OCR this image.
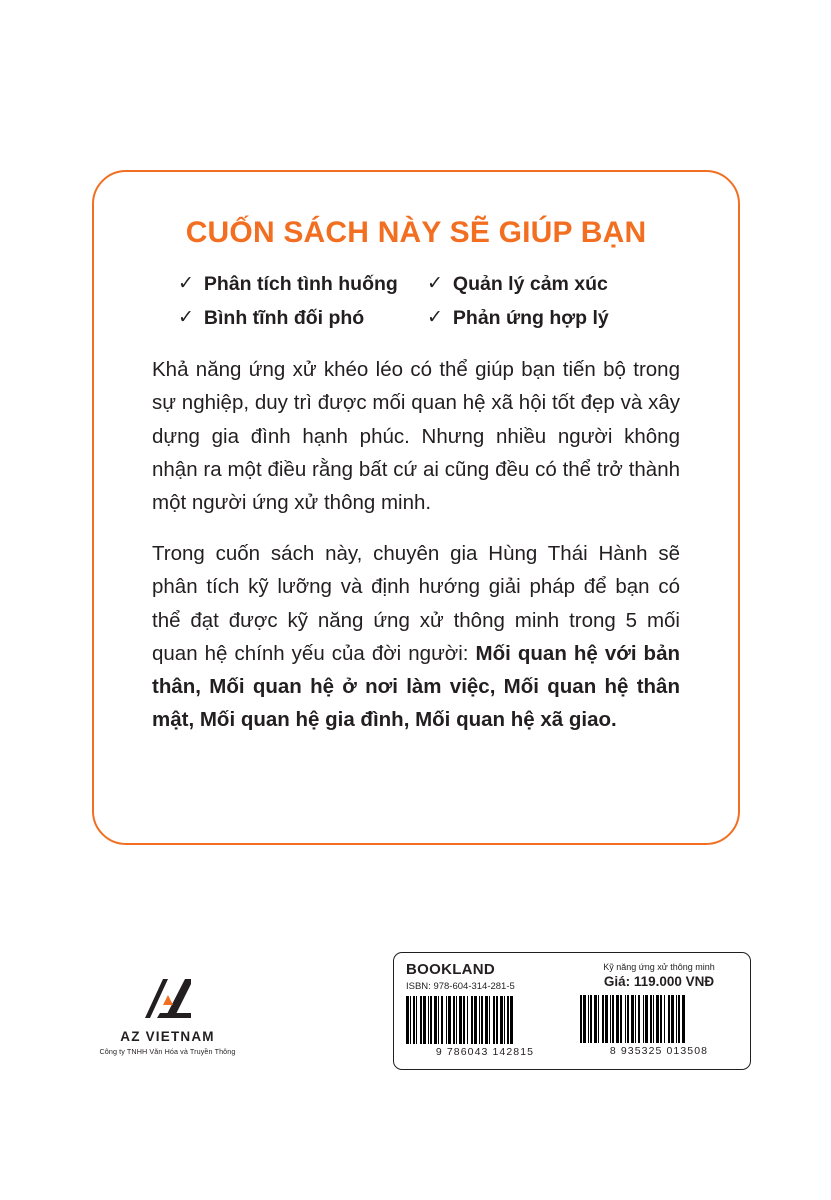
CUỐN SÁCH NÀY SẼ GIÚP BẠN
✓ Phân tích tình huống ✓ Quản lý cảm xúc
✓ Bình tĩnh đối phó	✓ Phản ứng hợp lý

Khả năng ứng xử khéo léo có thể giúp bạn tiến bộ trong sự nghiệp, duy trì được mối quan hệ xã hội tốt đẹp và xây dựng gia đình hạnh phúc. Nhưng nhiều người không nhận ra một điều rằng bất cứ ai cũng đều có thể trở thành một người ứng xử thông minh.

Trong cuốn sách này, chuyên gia Hùng Thái Hành sẽ phân tích kỹ lưỡng và định hướng giải pháp để bạn có thể đạt được kỹ năng ứng xử thông minh trong 5 mối quan hệ chính yếu của đời người: Mối quan hệ với bản thân, Mối quan hệ ở nơi làm việc, Mối quan hệ thân mật, Mối quan hệ gia đình, Mối quan hệ xã giao.

AZ VIETNAM
Công ty TNHH Văn Hóa và Truyền Thông
BOOKLAND
ISBN: 978-604-314-281-5
9 786043 142815
Kỹ năng ứng xử thông minh
Giá: 119.000 VNĐ
8 935325 013508
